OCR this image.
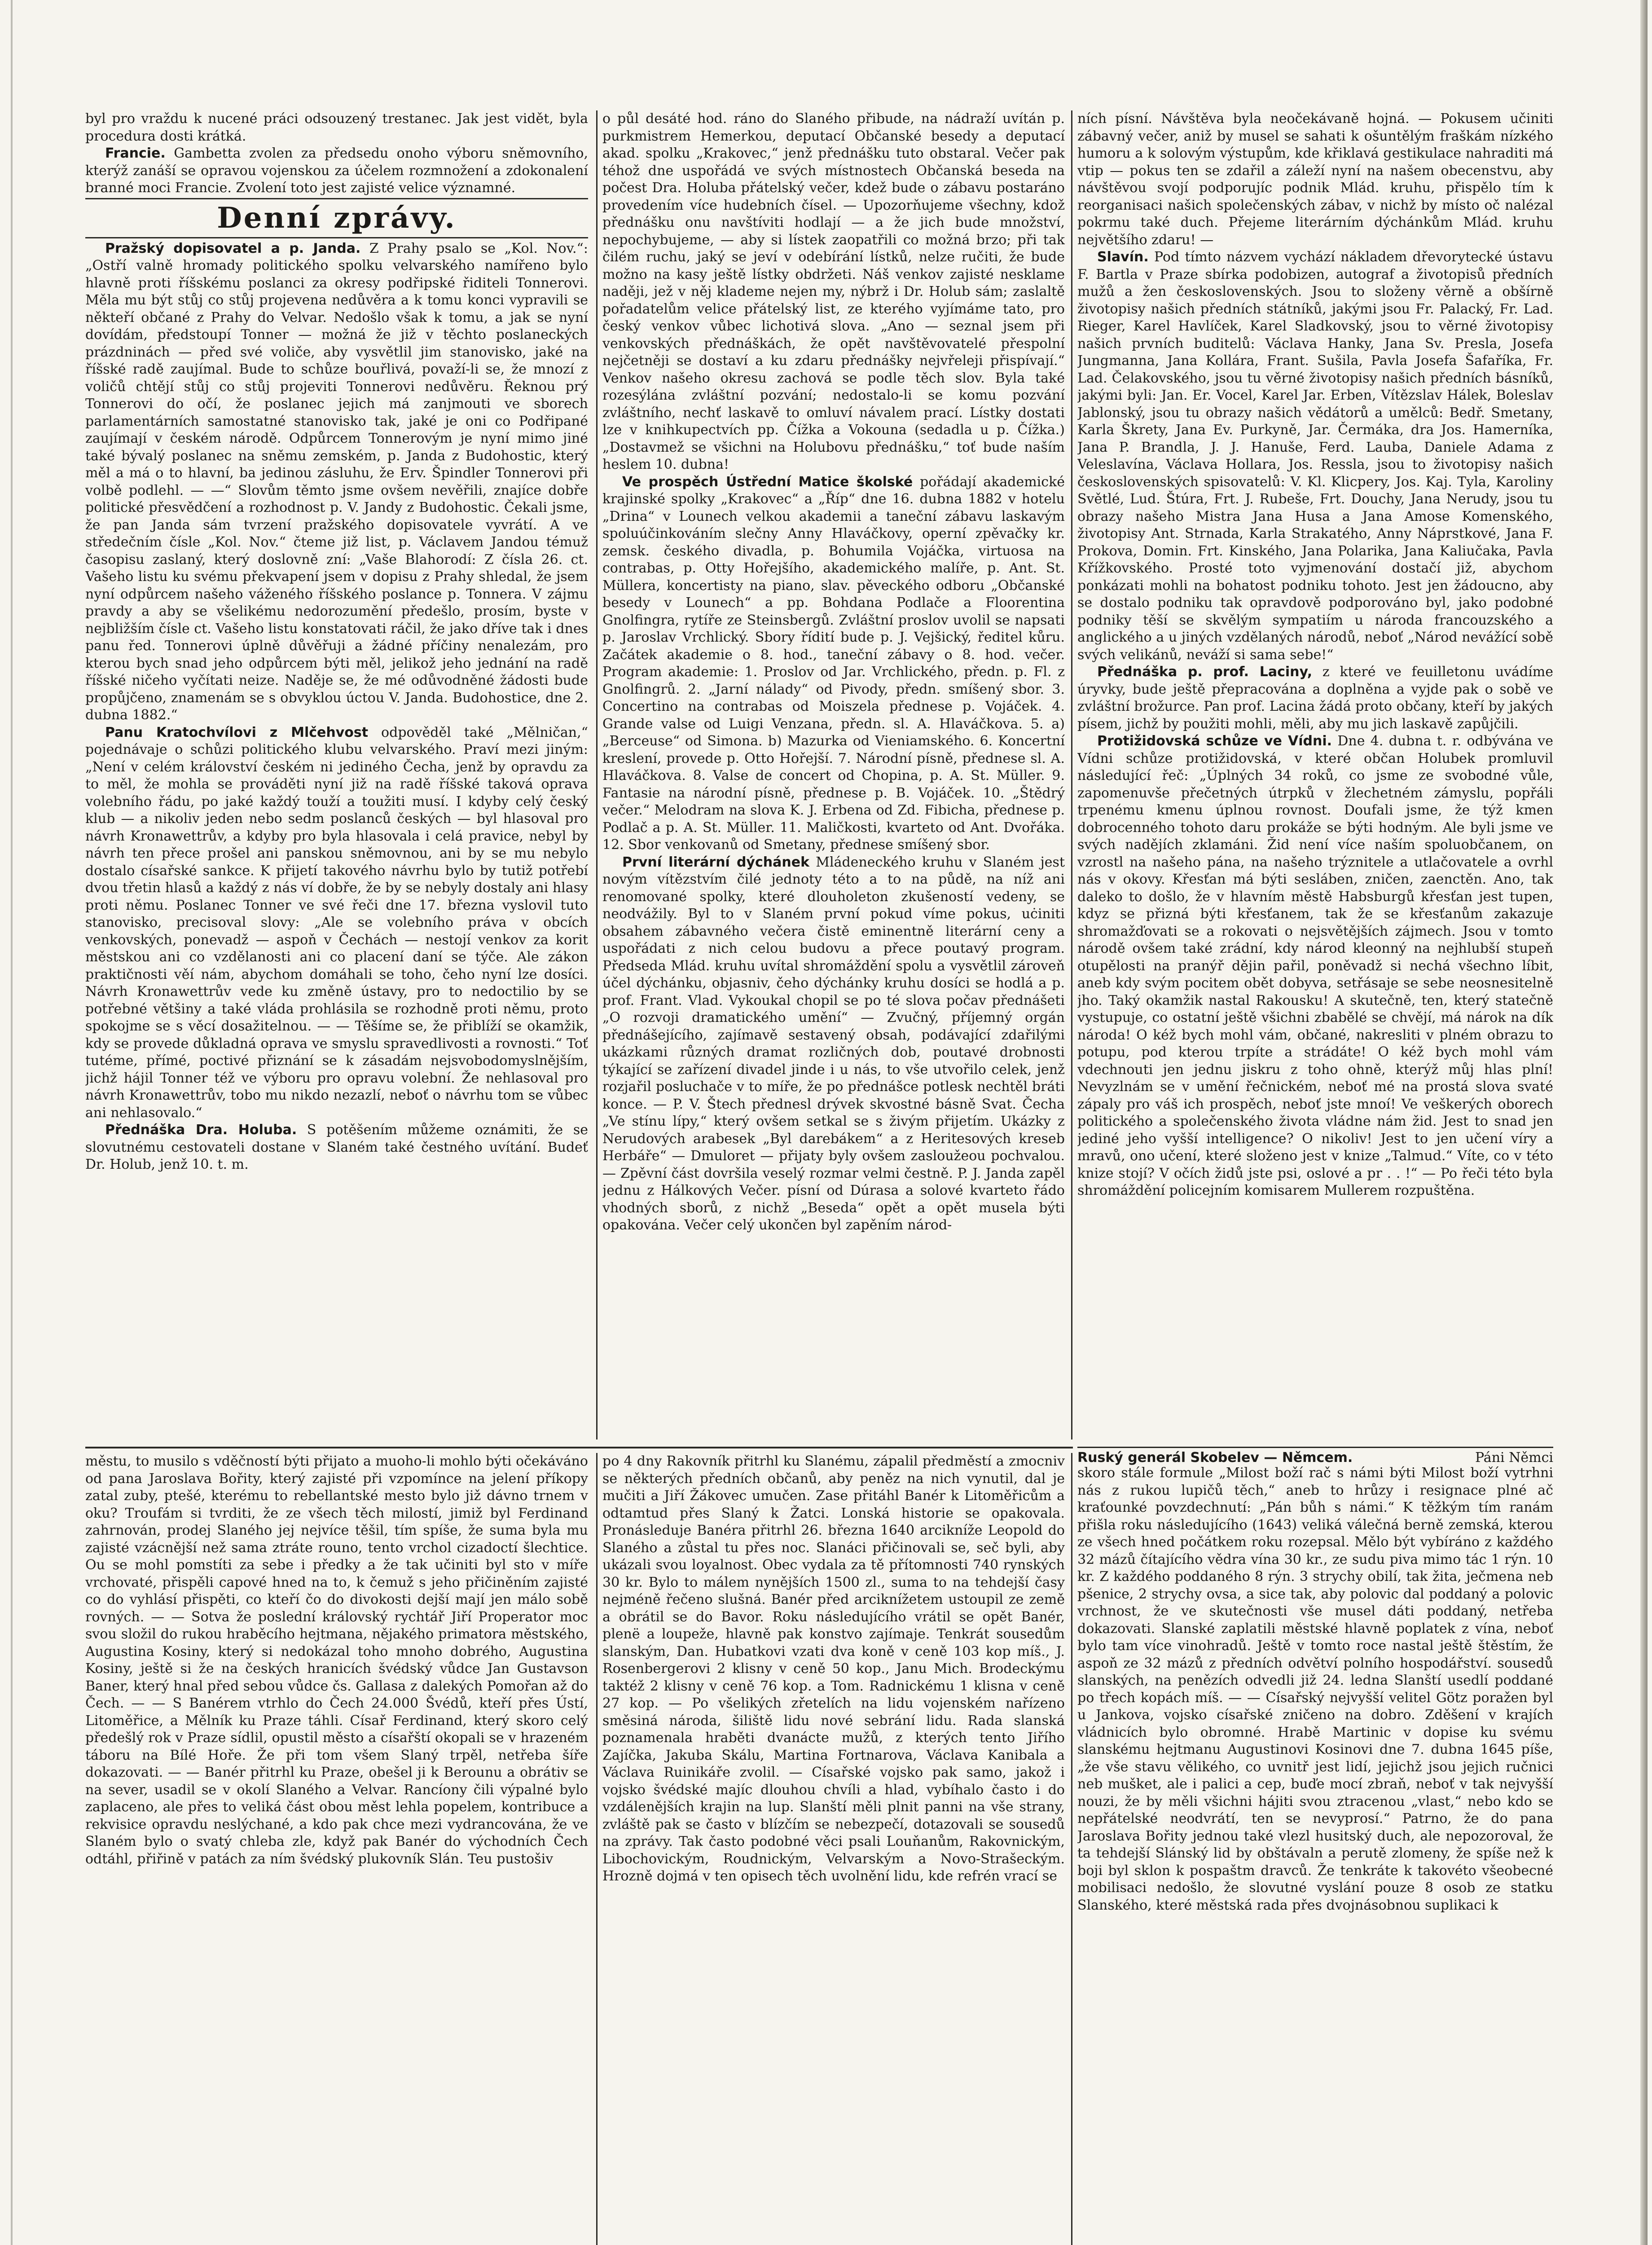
byl pro vraždu k nucené práci odsouzený trestanec. Jak jest vidět, byla procedura dosti krátká.

Francie. Gambetta zvolen za předsedu onoho výboru sněmovního, kterýž zanáší se opravou vojenskou za účelem rozmnožení a zdokonalení branné moci Francie. Zvolení toto jest zajisté velice významné.

Denní zprávy.

Pražský dopisovatel a p. Janda. Z Prahy psalo se „Kol. Nov.“: „Ostří valně hromady politického spolku velvarského namířeno bylo hlavně proti říšskému poslanci za okresy podřipské řiditeli Tonnerovi. Měla mu být stůj co stůj projevena nedůvěra a k tomu konci vypravili se někteří občané z Prahy do Velvar. Nedošlo však k tomu, a jak se nyní dovídám, předstoupí Tonner — možná že již v těchto poslaneckých prázdninách — před své voliče, aby vysvětlil jim stanovisko, jaké na říšské radě zaujímal. Bude to schůze bouřlivá, považí-li se, že mnozí z voličů chtějí stůj co stůj projeviti Tonnerovi nedůvěru. Řeknou prý Tonnerovi do očí, že poslanec jejich má zanjmouti ve sborech parlamentárních samostatné stanovisko tak, jaké je oni co Podřipané zaujímají v českém národě. Odpůrcem Tonnerovým je nyní mimo jiné také bývalý poslanec na sněmu zemském, p. Janda z Budohostic, který měl a má o to hlavní, ba jedinou zásluhu, že Erv. Špindler Tonnerovi při volbě podlehl. — —“ Slovům těmto jsme ovšem nevěřili, znajíce dobře politické přesvědčení a rozhodnost p. V. Jandy z Budohostic. Čekali jsme, že pan Janda sám tvrzení pražského dopisovatele vyvrátí. A ve středečním čísle „Kol. Nov.“ čteme již list, p. Václavem Jandou témuž časopisu zaslaný, který doslovně zní: „Vaše Blahorodí: Z čísla 26. ct. Vašeho listu ku svému překvapení jsem v dopisu z Prahy shledal, že jsem nyní odpůrcem našeho váženého říšského poslance p. Tonnera. V zájmu pravdy a aby se všelikému nedorozumění předešlo, prosím, byste v nejbližším čísle ct. Vašeho listu konstatovati ráčil, že jako dříve tak i dnes panu řed. Tonnerovi úplně důvěřuji a žádné příčiny nenalezám, pro kterou bych snad jeho odpůrcem býti měl, jelikož jeho jednání na radě říšské ničeho vyčítati neize. Naděje se, že mé odůvodněné žádosti bude propůjčeno, znamenám se s obvyklou úctou V. Janda. Budohostice, dne 2. dubna 1882.“

Panu Kratochvílovi z Mlčehvost odpověděl také „Mělničan,“ pojednávaje o schůzi politického klubu velvarského. Praví mezi jiným: „Není v celém království českém ni jediného Čecha, jenž by opravdu za to měl, že mohla se prováděti nyní již na radě říšské taková oprava volebního řádu, po jaké každý touží a toužiti musí. I kdyby celý český klub — a nikoliv jeden nebo sedm poslanců českých — byl hlasoval pro návrh Kronawettrův, a kdyby pro byla hlasovala i celá pravice, nebyl by návrh ten přece prošel ani panskou sněmovnou, ani by se mu nebylo dostalo císařské sankce. K přijetí takového návrhu bylo by tutiž potřebí dvou třetin hlasů a každý z nás ví dobře, že by se nebyly dostaly ani hlasy proti němu. Poslanec Tonner ve své řeči dne 17. března vyslovil tuto stanovisko, precisoval slovy: „Ale se volebního práva v obcích venkovských, ponevadž — aspoň v Čechách — nestojí venkov za korit městskou ani co vzdělanosti ani co placení daní se týče. Ale zákon praktičnosti věí nám, abychom domáhali se toho, čeho nyní lze dosíci. Návrh Kronawettrův vede ku změně ústavy, pro to nedoctilio by se potřebné většiny a také vláda prohlásila se rozhodně proti němu, proto spokojme se s věcí dosažitelnou. — — Těšíme se, že přiblíží se okamžik, kdy se provede důkladná oprava ve smyslu spravedlivosti a rovnosti.“ Toť tutéme, přímé, poctivé přiznání se k zásadám nejsvobodomyslnějším, jichž hájil Tonner též ve výboru pro opravu volební. Že nehlasoval pro návrh Kronawettrův, tobo mu nikdo nezazlí, neboť o návrhu tom se vůbec ani nehlasovalo.“

Přednáška Dra. Holuba. S potěšením můžeme oznámiti, že se slovutnému cestovateli dostane v Slaném také čestného uvítání. Budeť Dr. Holub, jenž 10. t. m.

o půl desáté hod. ráno do Slaného přibude, na nádraží uvítán p. purkmistrem Hemerkou, deputací Občanské besedy a deputací akad. spolku „Krakovec,“ jenž přednášku tuto obstaral. Večer pak téhož dne uspořádá ve svých místnostech Občanská beseda na počest Dra. Holuba přátelský večer, kdež bude o zábavu postaráno provedením více hudebních čísel. — Upozorňujeme všechny, kdož přednášku onu navštíviti hodlají — a že jich bude množství, nepochybujeme, — aby si lístek zaopatřili co možná brzo; při tak čilém ruchu, jaký se jeví v odebírání lístků, nelze ručiti, že bude možno na kasy ještě lístky obdržeti. Náš venkov zajisté nesklame naději, jež v něj klademe nejen my, nýbrž i Dr. Holub sám; zaslaltě pořadatelům velice přátelský list, ze kterého vyjímáme tato, pro český venkov vůbec lichotivá slova. „Ano — seznal jsem při venkovských přednáškách, že opět navštěvovatelé přespolní nejčetněji se dostaví a ku zdaru přednášky nejvřeleji přispívají.“ Venkov našeho okresu zachová se podle těch slov. Byla také rozesýlána zvláštní pozvání; nedostalo-li se komu pozvání zvláštního, nechť laskavě to omluví návalem prací. Lístky dostati lze v knihkupectvích pp. Čížka a Vokouna (sedadla u p. Čížka.) „Dostavmež se všichni na Holubovu přednášku,“ toť bude naším heslem 10. dubna!

Ve prospěch Ústřední Matice školské pořádají akademické krajinské spolky „Krakovec“ a „Říp“ dne 16. dubna 1882 v hotelu „Drina“ v Lounech velkou akademii a taneční zábavu laskavým spoluúčinkováním slečny Anny Hlaváčkovy, operní zpěvačky kr. zemsk. českého divadla, p. Bohumila Vojáčka, virtuosa na contrabas, p. Otty Hořejšího, akademického malíře, p. Ant. St. Müllera, koncertisty na piano, slav. pěveckého odboru „Občanské besedy v Lounech“ a pp. Bohdana Podlače a Floorentina Gnolfingra, rytíře ze Steinsbergů. Zvláštní proslov uvolil se napsati p. Jaroslav Vrchlický. Sbory řídití bude p. J. Vejšický, ředitel kůru. Začátek akademie o 8. hod., taneční zábavy o 8. hod. večer. Program akademie: 1. Proslov od Jar. Vrchlického, předn. p. Fl. z Gnolfingrů. 2. „Jarní nálady“ od Pivody, předn. smíšený sbor. 3. Concertino na contrabas od Moiszela přednese p. Vojáček. 4. Grande valse od Luigi Venzana, předn. sl. A. Hlaváčkova. 5. a) „Berceuse“ od Simona. b) Mazurka od Vieniamského. 6. Koncertní kreslení, provede p. Otto Hořejší. 7. Národní písně, přednese sl. A. Hlaváčkova. 8. Valse de concert od Chopina, p. A. St. Müller. 9. Fantasie na národní písně, přednese p. B. Vojáček. 10. „Štědrý večer.“ Melodram na slova K. J. Erbena od Zd. Fibicha, přednese p. Podlač a p. A. St. Müller. 11. Maličkosti, kvarteto od Ant. Dvořáka. 12. Sbor venkovanů od Smetany, přednese smíšený sbor.

První literární dýchánek Mládeneckého kruhu v Slaném jest novým vítězstvím čilé jednoty této a to na půdě, na níž ani renomované spolky, které dlouholeton zkušeností vedeny, se neodvážily. Byl to v Slaném první pokud víme pokus, uċiniti obsahem zábavného večera čistě eminentně literární ceny a uspořádati z nich celou budovu a přece poutavý program. Předseda Mlád. kruhu uvítal shromáždění spolu a vysvětlil zároveň účel dýchánku, objasniv, čeho dýchánky kruhu dosíci se hodlá a p. prof. Frant. Vlad. Vykoukal chopil se po té slova počav přednášeti „O rozvoji dramatického umění“ — Zvučný, příjemný orgán přednášejícího, zajímavě sestavený obsah, podávající zdařilými ukázkami různých dramat rozličných dob, poutavé drobnosti týkající se zařízení divadel jinde i u nás, to vše utvořilo celek, jenž rozjařil posluchače v to míře, že po přednášce potlesk nechtěl bráti konce. — P. V. Štech přednesl drývek skvostné básně Svat. Čecha „Ve stínu lípy,“ který ovšem setkal se s živým přijetím. Ukázky z Nerudových arabesek „Byl darebákem“ a z Heritesových kreseb Herbáře“ — Dmuloret — přijaty byly ovšem zasloužeou pochvalou. — Zpěvní část dovršila veselý rozmar velmi čestně. P. J. Janda zapěl jednu z Hálkových Večer. písní od Dúrasa a solové kvarteto řádo vhodných sborů, z nichž „Beseda“ opět a opět musela býti opakována. Večer celý ukončen byl zapěním národ-

ních písní. Návštěva byla neočekávaně hojná. — Pokusem učiniti zábavný večer, aniž by musel se sahati k ošuntělým fraškám nízkého humoru a k solovým výstupům, kde křiklavá gestikulace nahraditi má vtip — pokus ten se zdařil a záleží nyní na našem obecenstvu, aby návštěvou svojí podporujíc podnik Mlád. kruhu, přispělo tím k reorganisaci našich společenských zábav, v nichž by místo oč nalézal pokrmu také duch. Přejeme literárním dýchánkům Mlád. kruhu největšího zdaru! —

Slavín. Pod tímto názvem vychází nákladem dřevorytecké ústavu F. Bartla v Praze sbírka podobizen, autograf a životopisů předních mužů a žen československých. Jsou to složeny věrně a obšírně životopisy našich předních státníků, jakými jsou Fr. Palacký, Fr. Lad. Rieger, Karel Havlíček, Karel Sladkovský, jsou to věrné životopisy našich prvních buditelů: Václava Hanky, Jana Sv. Presla, Josefa Jungmanna, Jana Kollára, Frant. Sušila, Pavla Josefa Šafaříka, Fr. Lad. Čelakovského, jsou tu věrné životopisy našich předních básníků, jakými byli: Jan. Er. Vocel, Karel Jar. Erben, Vítězslav Hálek, Boleslav Jablonský, jsou tu obrazy našich vědátorů a umělců: Bedř. Smetany, Karla Škrety, Jana Ev. Purkyně, Jar. Čermáka, dra Jos. Hamerníka, Jana P. Brandla, J. J. Hanuše, Ferd. Lauba, Daniele Adama z Veleslavína, Václava Hollara, Jos. Ressla, jsou to životopisy našich československých spisovatelů: V. Kl. Klicpery, Jos. Kaj. Tyla, Karoliny Světlé, Lud. Štúra, Frt. J. Rubeše, Frt. Douchy, Jana Nerudy, jsou tu obrazy našeho Mistra Jana Husa a Jana Amose Komenského, životopisy Ant. Strnada, Karla Strakatého, Anny Náprstkové, Jana F. Prokova, Domin. Frt. Kinského, Jana Polarika, Jana Kaliučaka, Pavla Křížkovského. Prosté toto vyjmenování dostačí již, abychom ponkázati mohli na bohatost podniku tohoto. Jest jen žádoucno, aby se dostalo podniku tak opravdově podporováno byl, jako podobné podniky těší se skvělým sympatiím u národa francouzského a anglického a u jiných vzdělaných národů, neboť „Národ nevážící sobě svých velikánů, neváží si sama sebe!“

Přednáška p. prof. Laciny, z které ve feuilletonu uvádíme úryvky, bude ještě přepracována a doplněna a vyjde pak o sobě ve zvláštní brožurce. Pan prof. Lacina žádá proto občany, kteří by jakých písem, jichž by použiti mohli, měli, aby mu jich laskavě zapůjčili.

Protižidovská schůze ve Vídni. Dne 4. dubna t. r. odbývána ve Vídni schůze protižidovská, v které občan Holubek promluvil následující řeč: „Úplných 34 roků, co jsme ze svobodné vůle, zapomenuvše přečetných útrpků v žlechetném zámyslu, popřáli trpenému kmenu úplnou rovnost. Doufali jsme, že týž kmen dobrocenného tohoto daru prokáže se býti hodným. Ale byli jsme ve svých nadějích zklamáni. Žid není více naším spoluobčanem, on vzrostl na našeho pána, na našeho trýznitele a utlačovatele a ovrhl nás v okovy. Křesťan má býti sesláben, zničen, zaenctěn. Ano, tak daleko to došlo, že v hlavním městě Habsburgů křesťan jest tupen, kdyz se přizná býti křesťanem, tak že se křesťanům zakazuje shromažďovati se a rokovati o nejsvětějších zájmech. Jsou v tomto národě ovšem také zrádní, kdy národ kleonný na nejhlubší stupeň otupělosti na pranýř dějin pařil, poněvadž si nechá všechno líbit, aneb kdy svým pocitem obět dobyva, setřásaje se sebe neosnesitelně jho. Taký okamžik nastal Rakousku! A skutečně, ten, který statečně vystupuje, co ostatní ještě všichni zbabělé se chvějí, má nárok na dík národa! O kéž bych mohl vám, občané, nakresliti v plném obrazu to potupu, pod kterou trpíte a strádáte! O kéž bych mohl vám vdechnouti jen jednu jiskru z toho ohně, kterýž můj hlas plní! Nevyzlnám se v umění řečnickém, neboť mé na prostá slova svaté zápaly pro váš ich prospěch, neboť jste mnoí! Ve veškerých oborech politického a společenského života vládne nám žid. Jest to snad jen jediné jeho vyšší intelligence? O nikoliv! Jest to jen učení víry a mravů, ono učení, které složeno jest v knize „Talmud.“ Víte, co v této knize stojí? V očích židů jste psi, oslové a pr . . !“ — Po řeči této byla shromáždění policejním komisarem Mullerem rozpuštěna.

městu, to musilo s vděčností býti přijato a muoho-li mohlo býti očekáváno od pana Jaroslava Bořity, který zajisté při vzpomínce na jelení příkopy zatal zuby, ptešé, kterému to rebellantské mesto bylo již dávno trnem v oku? Troufám si tvrditi, že ze všech těch milostí, jimiž byl Ferdinand zahrnován, prodej Slaného jej nejvíce těšil, tím spíše, že suma byla mu zajisté vzácnější než sama ztráte rouno, tento vrchol cizadoctí šlechtice. Ou se mohl pomstíti za sebe i předky a že tak učiniti byl sto v míře vrchovaté, přispěli capové hned na to, k čemuž s jeho přičiněním zajisté co do vyhlásí přispěti, co kteří čo do divokosti dejší mají jen málo sobě rovných. — — Sotva že poslední královský rychtář Jiří Properator moc svou složil do rukou hraběcího hejtmana, nějakého primatora městského, Augustina Kosiny, který si nedokázal toho mnoho dobrého, Augustina Kosiny, ještě si že na českých hranicích švédský vůdce Jan Gustavson Baner, který hnal před sebou vůdce čs. Gallasa z dalekých Pomořan až do Čech. — — S Banérem vtrhlo do Čech 24.000 Švédů, kteří přes Ústí, Litoměřice, a Mělník ku Praze táhli. Císař Ferdinand, který skoro celý předešlý rok v Praze sídlil, opustil město a císařští okopali se v hrazeném táboru na Bílé Hoře. Že při tom všem Slaný trpěl, netřeba šíře dokazovati. — — Banér přitrhl ku Praze, obešel ji k Berounu a obrátiv se na sever, usadil se v okolí Slaného a Velvar. Rancíony čili výpalné bylo zaplaceno, ale přes to veliká část obou měst lehla popelem, kontribuce a rekvisice opravdu neslýchané, a kdo pak chce mezi vydrancována, že ve Slaném bylo o svatý chleba zle, když pak Banér do východních Čech odtáhl, přiřině v patách za ním švédský plukovník Slán. Teu pustošiv

po 4 dny Rakovník přitrhl ku Slanému, zápalil předměstí a zmocniv se některých předních občanů, aby peněz na nich vynutil, dal je mučiti a Jiří Žákovec umučen. Zase přitáhl Banér k Litoměřicům a odtamtud přes Slaný k Žatci. Lonská historie se opakovala. Pronásleduje Banéra přitrhl 26. března 1640 arcikníže Leopold do Slaného a zůstal tu přes noc. Slanáci přičinovali se, seč byli, aby ukázali svou loyalnost. Obec vydala za tě přítomnosti 740 rynských 30 kr. Bylo to málem nynějších 1500 zl., suma to na tehdejší časy nejméně řečeno slušná. Banér před arciknížetem ustoupil ze země a obrátil se do Bavor. Roku následujícího vrátil se opět Banér, plenë a loupeže, hlavně pak konstvo zajímaje. Tenkrát sousedům slanským, Dan. Hubatkovi vzati dva koně v ceně 103 kop míš., J. Rosenbergerovi 2 klisny v ceně 50 kop., Janu Mich. Brodeckýmu taktéž 2 klisny v ceně 76 kop. a Tom. Radnickému 1 klisna v ceně 27 kop. — Po všelikých zřetelích na lidu vojenském nařízeno směsiná národa, šiliště lidu nové sebrání lidu. Rada slanská poznamenala hraběti dvanácte mužů, z kterých tento Jiřího Zajíčka, Jakuba Skálu, Martina Fortnarova, Václava Kanibala a Václava Ruinikáře zvolil. — Císařské vojsko pak samo, jakož i vojsko švédské majíc dlouhou chvíli a hlad, vybíhalo často i do vzdálenějších krajin na lup. Slanští měli plnit panni na vše strany, zvláště pak se často v blízčím se nebezpečí, dotazovali se sousedů na zprávy. Tak často podobné věci psali Louňanům, Rakovnickým, Libochovickým, Roudnickým, Velvarským a Novo-Strašeckým. Hrozně dojmá v ten opisech těch uvolnění lidu, kde refrén vrací se

skoro stále formule „Milost boží rač s námi býti Milost boží vytrhni nás z rukou lupičů těch,“ aneb to hrůzy i resignace plné ač kraťounké povzdechnutí: „Pán bůh s námi.“ K těžkým tím ranám přišla roku následujícího (1643) veliká válečná berně zemská, kterou ze všech hned počátkem roku rozepsal. Mělo být vybíráno z každého 32 mázů čítajícího vědra vína 30 kr., ze sudu piva mimo tác 1 rýn. 10 kr. Z každého poddaného 8 rýn. 3 strychy obilí, tak žita, ječmena neb pšenice, 2 strychy ovsa, a sice tak, aby polovic dal poddaný a polovic vrchnost, že ve skutečnosti vše musel dáti poddaný, netřeba dokazovati. Slanské zaplatili městské hlavně poplatek z vína, neboť bylo tam více vinohradů. Ještě v tomto roce nastal ještě štěstím, že aspoň ze 32 mázů z předních odvětví polního hospodářství. sousedů slanských, na penězích odvedli již 24. ledna Slanští usedlí poddané po třech kopách míš. — — Císařský nejvyšší velitel Götz poražen byl u Jankova, vojsko císařské zničeno na dobro. Zděšení v krajích vládnicích bylo obromné. Hrabě Martinic v dopise ku svému slanskému hejtmanu Augustinovi Kosinovi dne 7. dubna 1645 píše, „že vše stavu vělikého, co uvnitř jest lidí, jejichž jsou jejich ručnici neb mušket, ale i palici a cep, buďe mocí zbraň, neboť v tak nejvyšší nouzi, že by měli všichni hájiti svou ztracenou „vlast,“ nebo kdo se nepřátelské neodvrátí, ten se nevyprosí.“ Patrno, že do pana Jaroslava Bořity jednou také vlezl husitský duch, ale nepozoroval, že ta tehdejší Slánský lid by obštávaln a perutě zlomeny, že spíše než k boji byl sklon k pospaštm dravců. Že tenkráte k takovéto všeobecné mobilisaci nedošlo, že slovutné vyslání pouze 8 osob ze statku Slanského, které městská rada přes dvojnásobnou suplikaci k

Ruský generál Skobelev — Němcem.	Páni Němci
